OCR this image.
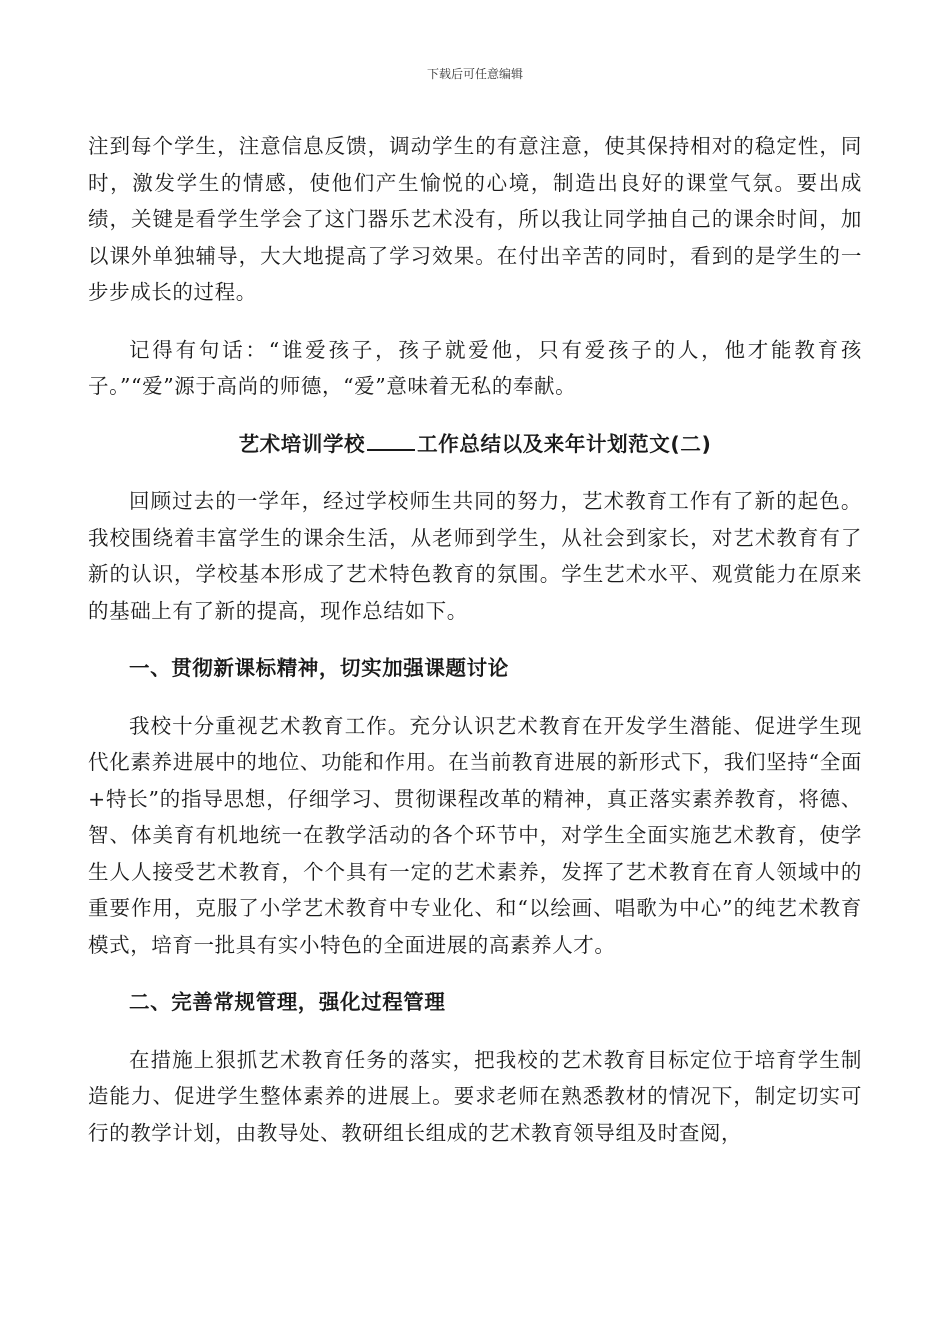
下载后可任意编辑

注到每个学生，注意信息反馈，调动学生的有意注意，使其保持相对的稳定性，同时，激发学生的情感，使他们产生愉悦的心境，制造出良好的课堂气氛。要出成绩，关键是看学生学会了这门器乐艺术没有，所以我让同学抽自己的课余时间，加以课外单独辅导，大大地提高了学习效果。在付出辛苦的同时，看到的是学生的一步步成长的过程。

记得有句话：“谁爱孩子，孩子就爱他，只有爱孩子的人，他才能教育孩子。”“爱”源于高尚的师德，“爱”意味着无私的奉献。

艺术培训学校	工作总结以及来年计划范文(二)

回顾过去的一学年，经过学校师生共同的努力，艺术教育工作有了新的起色。我校围绕着丰富学生的课余生活，从老师到学生，从社会到家长，对艺术教育有了新的认识，学校基本形成了艺术特色教育的氛围。学生艺术水平、观赏能力在原来的基础上有了新的提高，现作总结如下。

一、贯彻新课标精神，切实加强课题讨论

我校十分重视艺术教育工作。充分认识艺术教育在开发学生潜能、促进学生现代化素养进展中的地位、功能和作用。在当前教育进展的新形式下，我们坚持“全面+特长”的指导思想，仔细学习、贯彻课程改革的精神，真正落实素养教育，将德、智、体美育有机地统一在教学活动的各个环节中，对学生全面实施艺术教育，使学生人人接受艺术教育，个个具有一定的艺术素养，发挥了艺术教育在育人领域中的重要作用，克服了小学艺术教育中专业化、和“以绘画、唱歌为中心”的纯艺术教育模式，培育一批具有实小特色的全面进展的高素养人才。

二、完善常规管理，强化过程管理

在措施上狠抓艺术教育任务的落实，把我校的艺术教育目标定位于培育学生制造能力、促进学生整体素养的进展上。要求老师在熟悉教材的情况下，制定切实可行的教学计划，由教导处、教研组长组成的艺术教育领导组及时查阅，
